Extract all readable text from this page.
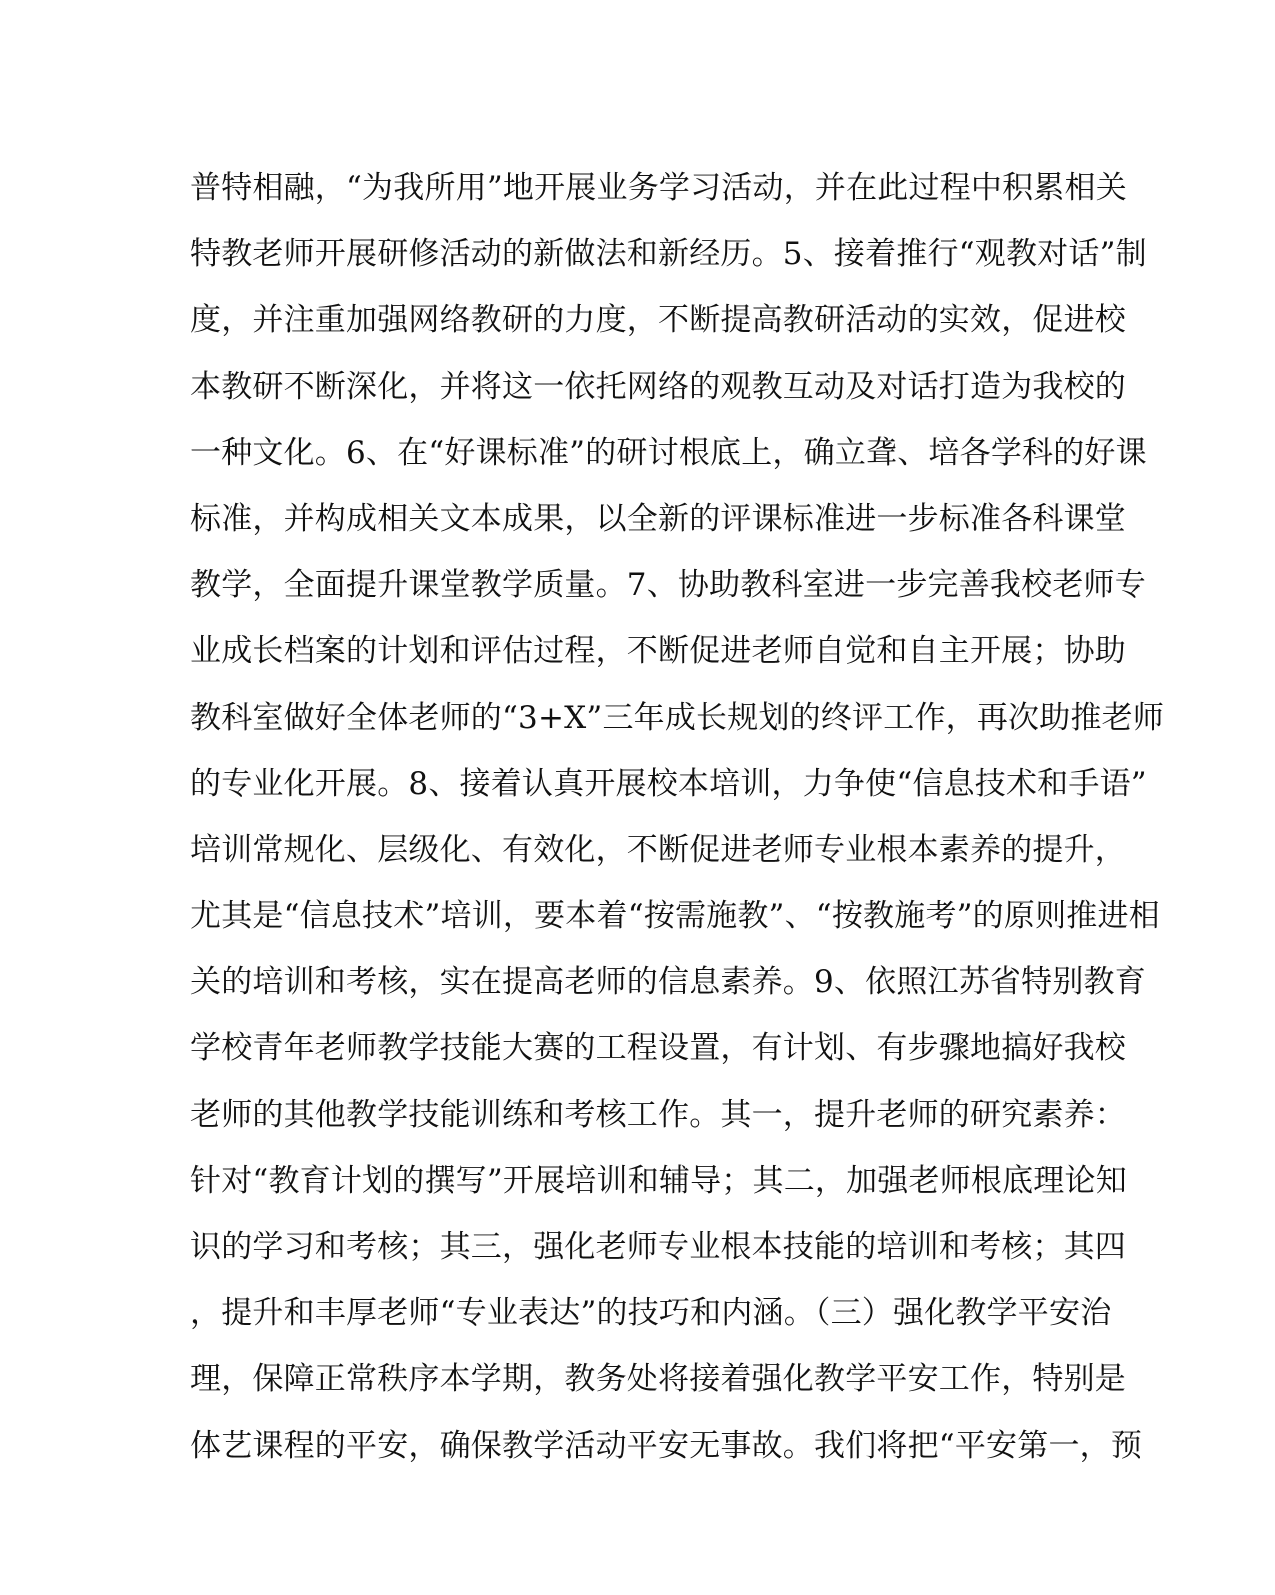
普特相融，“为我所用”地开展业务学习活动，并在此过程中积累相关
特教老师开展研修活动的新做法和新经历。5、接着推行“观教对话”制
度，并注重加强网络教研的力度，不断提高教研活动的实效，促进校
本教研不断深化，并将这一依托网络的观教互动及对话打造为我校的
一种文化。6、在“好课标准”的研讨根底上，确立聋、培各学科的好课
标准，并构成相关文本成果，以全新的评课标准进一步标准各科课堂
教学，全面提升课堂教学质量。7、协助教科室进一步完善我校老师专
业成长档案的计划和评估过程，不断促进老师自觉和自主开展；协助
教科室做好全体老师的“3+X”三年成长规划的终评工作，再次助推老师
的专业化开展。8、接着认真开展校本培训，力争使“信息技术和手语”
培训常规化、层级化、有效化，不断促进老师专业根本素养的提升，
尤其是“信息技术”培训，要本着“按需施教”、“按教施考”的原则推进相
关的培训和考核，实在提高老师的信息素养。9、依照江苏省特别教育
学校青年老师教学技能大赛的工程设置，有计划、有步骤地搞好我校
老师的其他教学技能训练和考核工作。其一，提升老师的研究素养：
针对“教育计划的撰写”开展培训和辅导；其二，加强老师根底理论知
识的学习和考核；其三，强化老师专业根本技能的培训和考核；其四
，提升和丰厚老师“专业表达”的技巧和内涵。（三）强化教学平安治
理，保障正常秩序本学期，教务处将接着强化教学平安工作，特别是
体艺课程的平安，确保教学活动平安无事故。我们将把“平安第一，预
